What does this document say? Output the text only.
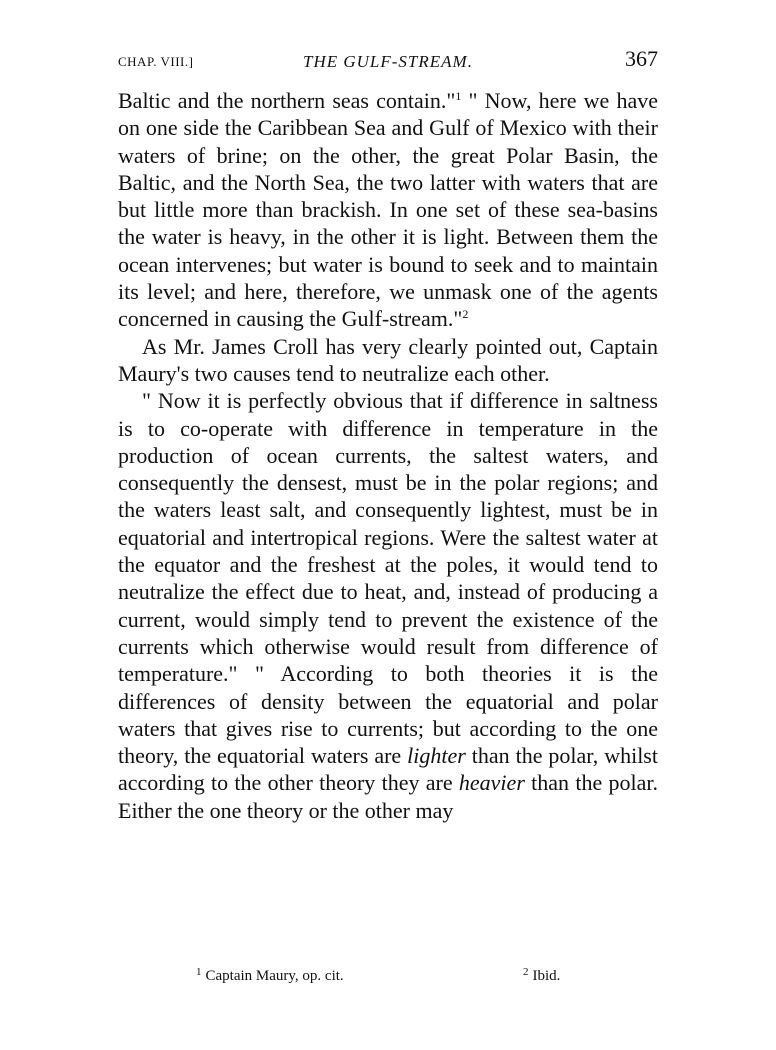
CHAP. VIII.]	THE GULF-STREAM.	367

Baltic and the northern seas contain."$^1$ " Now, here we have on one side the Caribbean Sea and Gulf of Mexico with their waters of brine; on the other, the great Polar Basin, the Baltic, and the North Sea, the two latter with waters that are but little more than brackish. In one set of these sea-basins the water is heavy, in the other it is light. Between them the ocean intervenes; but water is bound to seek and to maintain its level; and here, therefore, we unmask one of the agents concerned in causing the Gulf-stream."$^2$

As Mr. James Croll has very clearly pointed out, Captain Maury's two causes tend to neutralize each other.

" Now it is perfectly obvious that if difference in saltness is to co-operate with difference in temperature in the production of ocean currents, the saltest waters, and consequently the densest, must be in the polar regions; and the waters least salt, and consequently lightest, must be in equatorial and intertropical regions. Were the saltest water at the equator and the freshest at the poles, it would tend to neutralize the effect due to heat, and, instead of producing a current, would simply tend to prevent the existence of the currents which otherwise would result from difference of temperature." " According to both theories it is the differences of density between the equatorial and polar waters that gives rise to currents; but according to the one theory, the equatorial waters are lighter than the polar, whilst according to the other theory they are heavier than the polar. Either the one theory or the other may

$^1$ Captain Maury, op. cit.	$^2$ Ibid.
